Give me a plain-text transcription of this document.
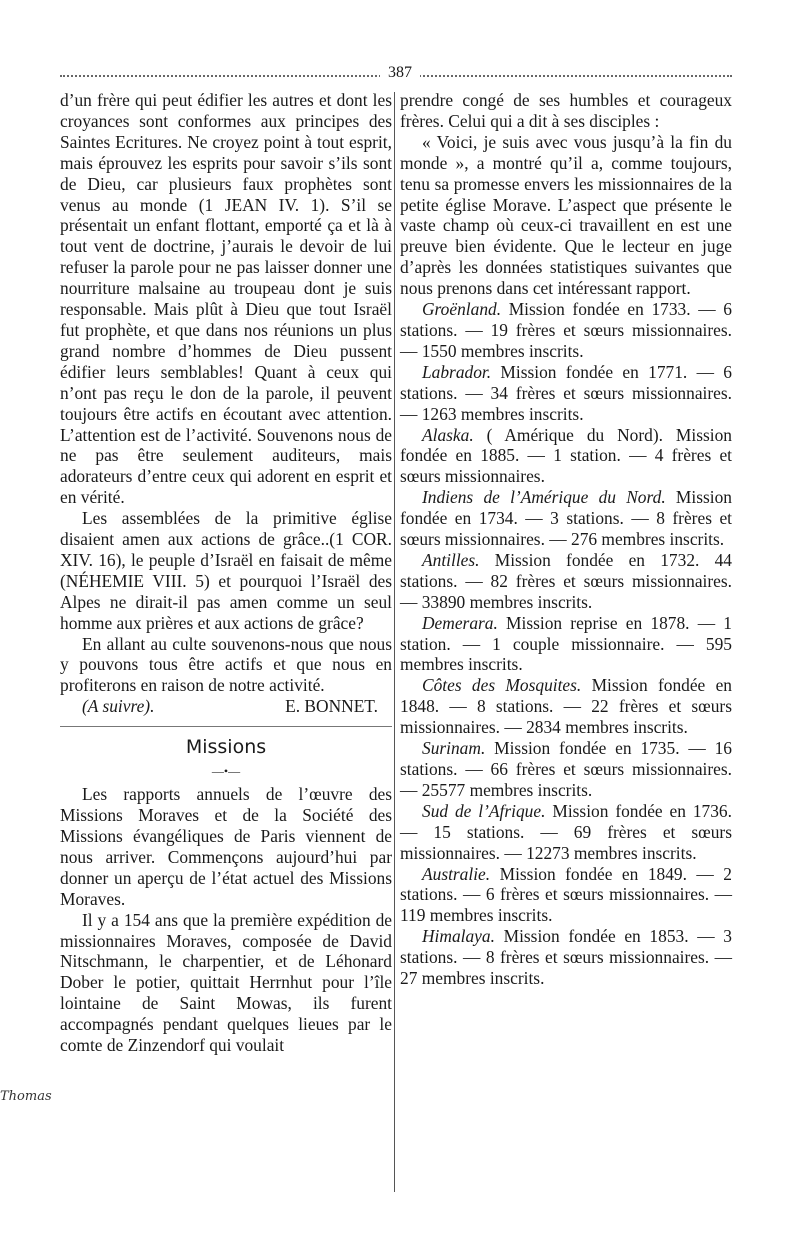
387
Thomas

d’un frère qui peut édifier les autres et dont les croyances sont conformes aux principes des Saintes Ecritures. Ne croyez point à tout esprit, mais éprouvez les esprits pour savoir s’ils sont de Dieu, car plusieurs faux prophètes sont venus au monde (1 JEAN IV. 1). S’il se présentait un enfant flottant, emporté ça et là à tout vent de doctrine, j’aurais le devoir de lui refuser la parole pour ne pas laisser donner une nourriture malsaine au troupeau dont je suis responsable. Mais plût à Dieu que tout Israël fut prophète, et que dans nos réunions un plus grand nombre d’hommes de Dieu pussent édifier leurs semblables! Quant à ceux qui n’ont pas reçu le don de la parole, il peuvent toujours être actifs en écoutant avec attention. L’attention est de l’activité. Souvenons nous de ne pas être seulement auditeurs, mais adorateurs d’entre ceux qui adorent en esprit et en vérité.

Les assemblées de la primitive église disaient amen aux actions de grâce..(1 COR. XIV. 16), le peuple d’Israël en faisait de même (NÉHEMIE VIII. 5) et pourquoi l’Israël des Alpes ne dirait-il pas amen comme un seul homme aux prières et aux actions de grâce?

En allant au culte souvenons-nous que nous y pouvons tous être actifs et que nous en profiterons en raison de notre activité.

(A suivre).	E. BONNET.
Missions
—•—

Les rapports annuels de l’œuvre des Missions Moraves et de la Société des Missions évangéliques de Paris viennent de nous arriver. Commençons aujourd’hui par donner un aperçu de l’état actuel des Missions Moraves.

Il y a 154 ans que la première expédition de missionnaires Moraves, composée de David Nitschmann, le charpentier, et de Léhonard Dober le potier, quittait Herrnhut pour l’île lointaine de Saint Mowas, ils furent accompagnés pendant quelques lieues par le comte de Zinzendorf qui voulait

prendre congé de ses humbles et courageux frères. Celui qui a dit à ses disciples :

« Voici, je suis avec vous jusqu’à la fin du monde », a montré qu’il a, comme toujours, tenu sa promesse envers les missionnaires de la petite église Morave. L’aspect que présente le vaste champ où ceux-ci travaillent en est une preuve bien évidente. Que le lecteur en juge d’après les données statistiques suivantes que nous prenons dans cet intéressant rapport.

Groënland. Mission fondée en 1733. — 6 stations. — 19 frères et sœurs missionnaires. — 1550 membres inscrits.

Labrador. Mission fondée en 1771. — 6 stations. — 34 frères et sœurs missionnaires. — 1263 membres inscrits.

Alaska. ( Amérique du Nord). Mission fondée en 1885. — 1 station. — 4 frères et sœurs missionnaires.

Indiens de l’Amérique du Nord. Mission fondée en 1734. — 3 stations. — 8 frères et sœurs missionnaires. — 276 membres inscrits.

Antilles. Mission fondée en 1732. 44 stations. — 82 frères et sœurs missionnaires. — 33890 membres inscrits.

Demerara. Mission reprise en 1878. — 1 station. — 1 couple missionnaire. — 595 membres inscrits.

Côtes des Mosquites. Mission fondée en 1848. — 8 stations. — 22 frères et sœurs missionnaires. — 2834 membres inscrits.

Surinam. Mission fondée en 1735. — 16 stations. — 66 frères et sœurs missionnaires. — 25577 membres inscrits.

Sud de l’Afrique. Mission fondée en 1736. — 15 stations. — 69 frères et sœurs missionnaires. — 12273 membres inscrits.

Australie. Mission fondée en 1849. — 2 stations. — 6 frères et sœurs missionnaires. — 119 membres inscrits.

Himalaya. Mission fondée en 1853. — 3 stations. — 8 frères et sœurs missionnaires. — 27 membres inscrits.
